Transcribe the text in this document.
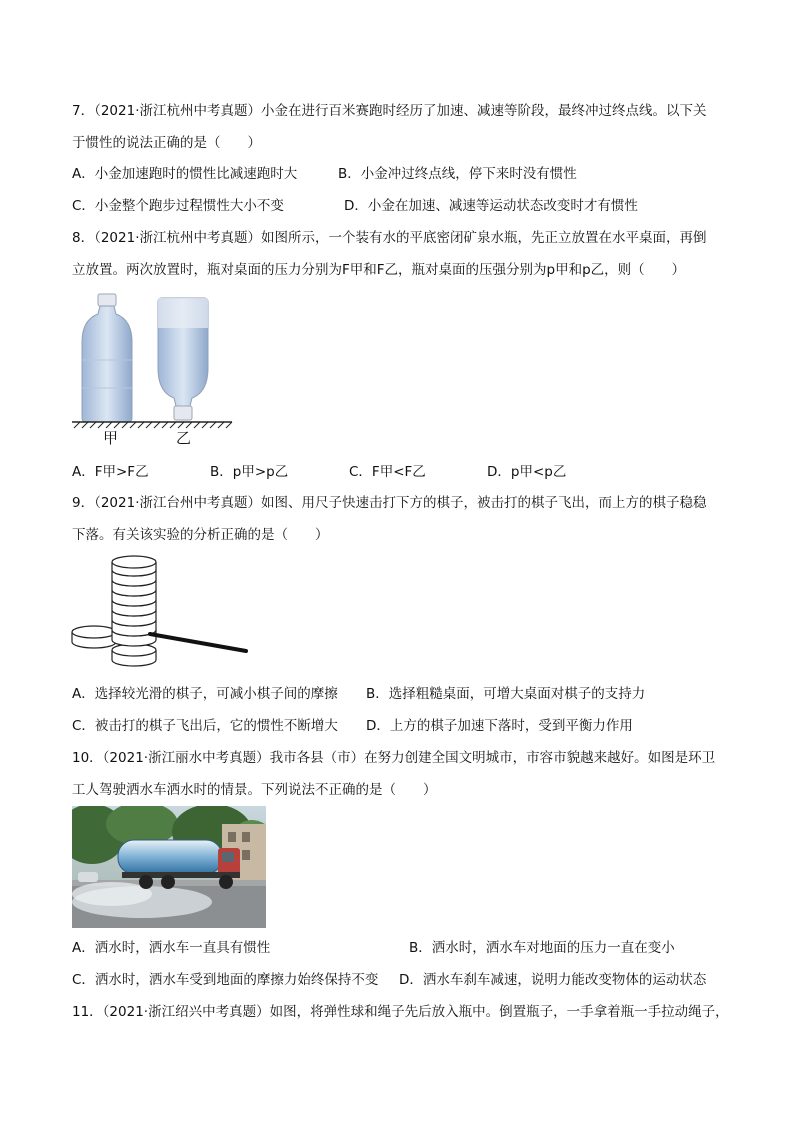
7．（2021·浙江杭州中考真题）小金在进行百米赛跑时经历了加速、减速等阶段，最终冲过终点线。以下关
于惯性的说法正确的是（　　）
A．小金加速跑时的惯性比减速跑时大	B．小金冲过终点线，停下来时没有惯性
C．小金整个跑步过程惯性大小不变	D．小金在加速、减速等运动状态改变时才有惯性
8．（2021·浙江杭州中考真题）如图所示，一个装有水的平底密闭矿泉水瓶，先正立放置在水平桌面，再倒
立放置。两次放置时，瓶对桌面的压力分别为F甲和F乙，瓶对桌面的压强分别为p甲和p乙，则（　　）
甲	乙
A．F甲>F乙	B．p甲>p乙	C．F甲<F乙	D．p甲<p乙
9．（2021·浙江台州中考真题）如图、用尺子快速击打下方的棋子，被击打的棋子飞出，而上方的棋子稳稳
下落。有关该实验的分析正确的是（　　）
A．选择较光滑的棋子，可减小棋子间的摩擦 B．选择粗糙桌面，可增大桌面对棋子的支持力
C．被击打的棋子飞出后，它的惯性不断增大 D．上方的棋子加速下落时，受到平衡力作用
10．（2021·浙江丽水中考真题）我市各县（市）在努力创建全国文明城市，市容市貌越来越好。如图是环卫
工人驾驶洒水车洒水时的情景。下列说法不正确的是（　　）
A．洒水时，洒水车一直具有惯性	B．洒水时，洒水车对地面的压力一直在变小
C．洒水时，洒水车受到地面的摩擦力始终保持不变 D．洒水车刹车减速，说明力能改变物体的运动状态
11．（2021·浙江绍兴中考真题）如图，将弹性球和绳子先后放入瓶中。倒置瓶子，一手拿着瓶一手拉动绳子，
